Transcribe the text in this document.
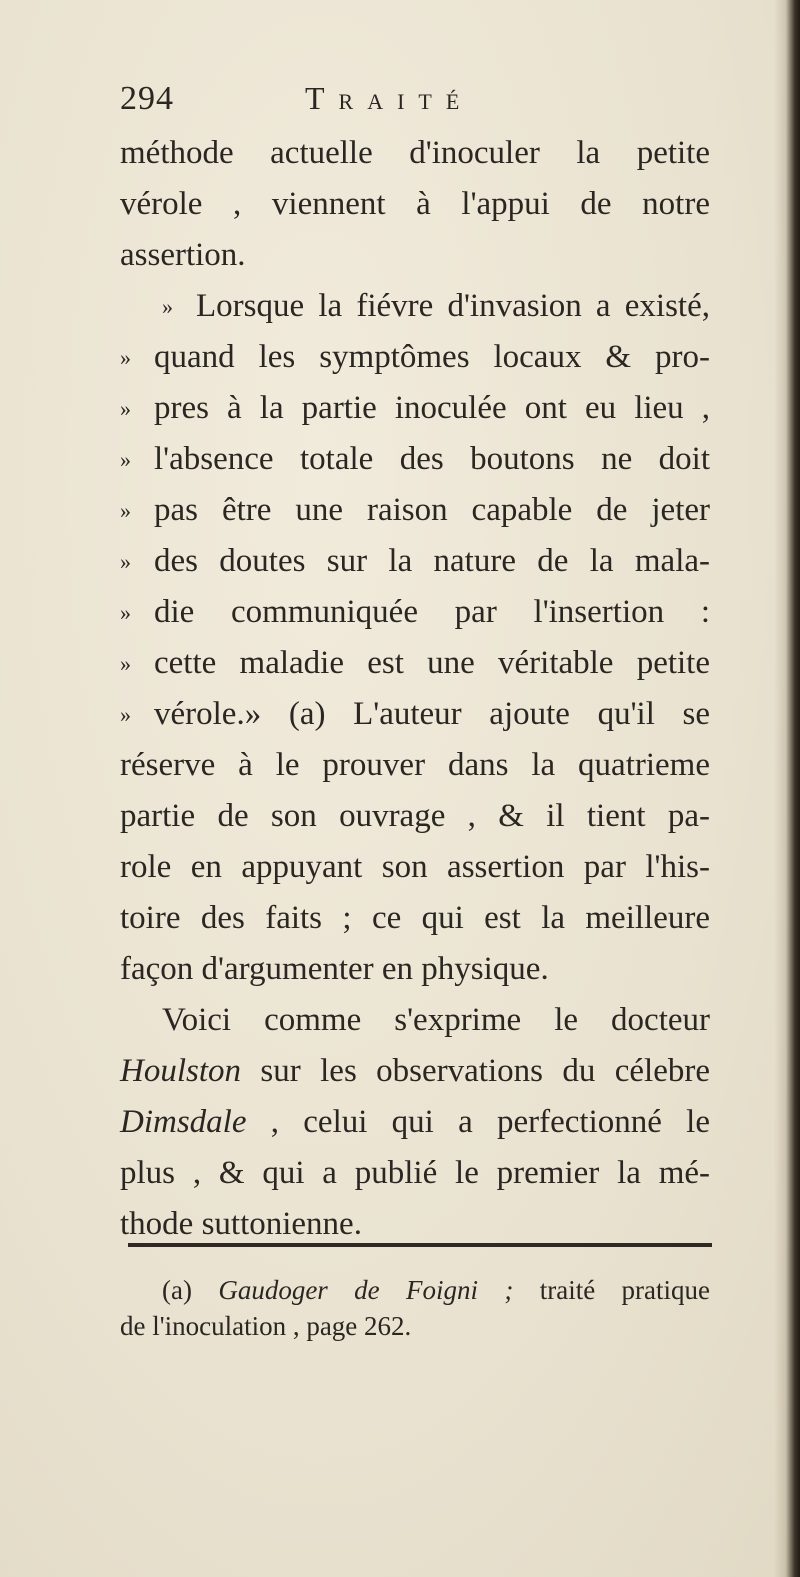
294	Traité
méthode actuelle d'inoculer la petite
vérole , viennent à l'appui de notre
assertion.
» Lorsque la fiévre d'invasion a existé,
» quand les symptômes locaux & pro-
» pres à la partie inoculée ont eu lieu ,
» l'absence totale des boutons ne doit
» pas être une raison capable de jeter
» des doutes sur la nature de la mala-
» die communiquée par l'insertion :
» cette maladie est une véritable petite
» vérole.» (a) L'auteur ajoute qu'il se
réserve à le prouver dans la quatrieme
partie de son ouvrage , & il tient pa-
role en appuyant son assertion par l'his-
toire des faits ; ce qui est la meilleure
façon d'argumenter en physique.
Voici comme s'exprime le docteur
Houlston sur les observations du célebre
Dimsdale , celui qui a perfectionné le
plus , & qui a publié le premier la mé-
thode suttonienne.
(a) Gaudoger de Foigni ; traité pratique
de l'inoculation , page 262.
